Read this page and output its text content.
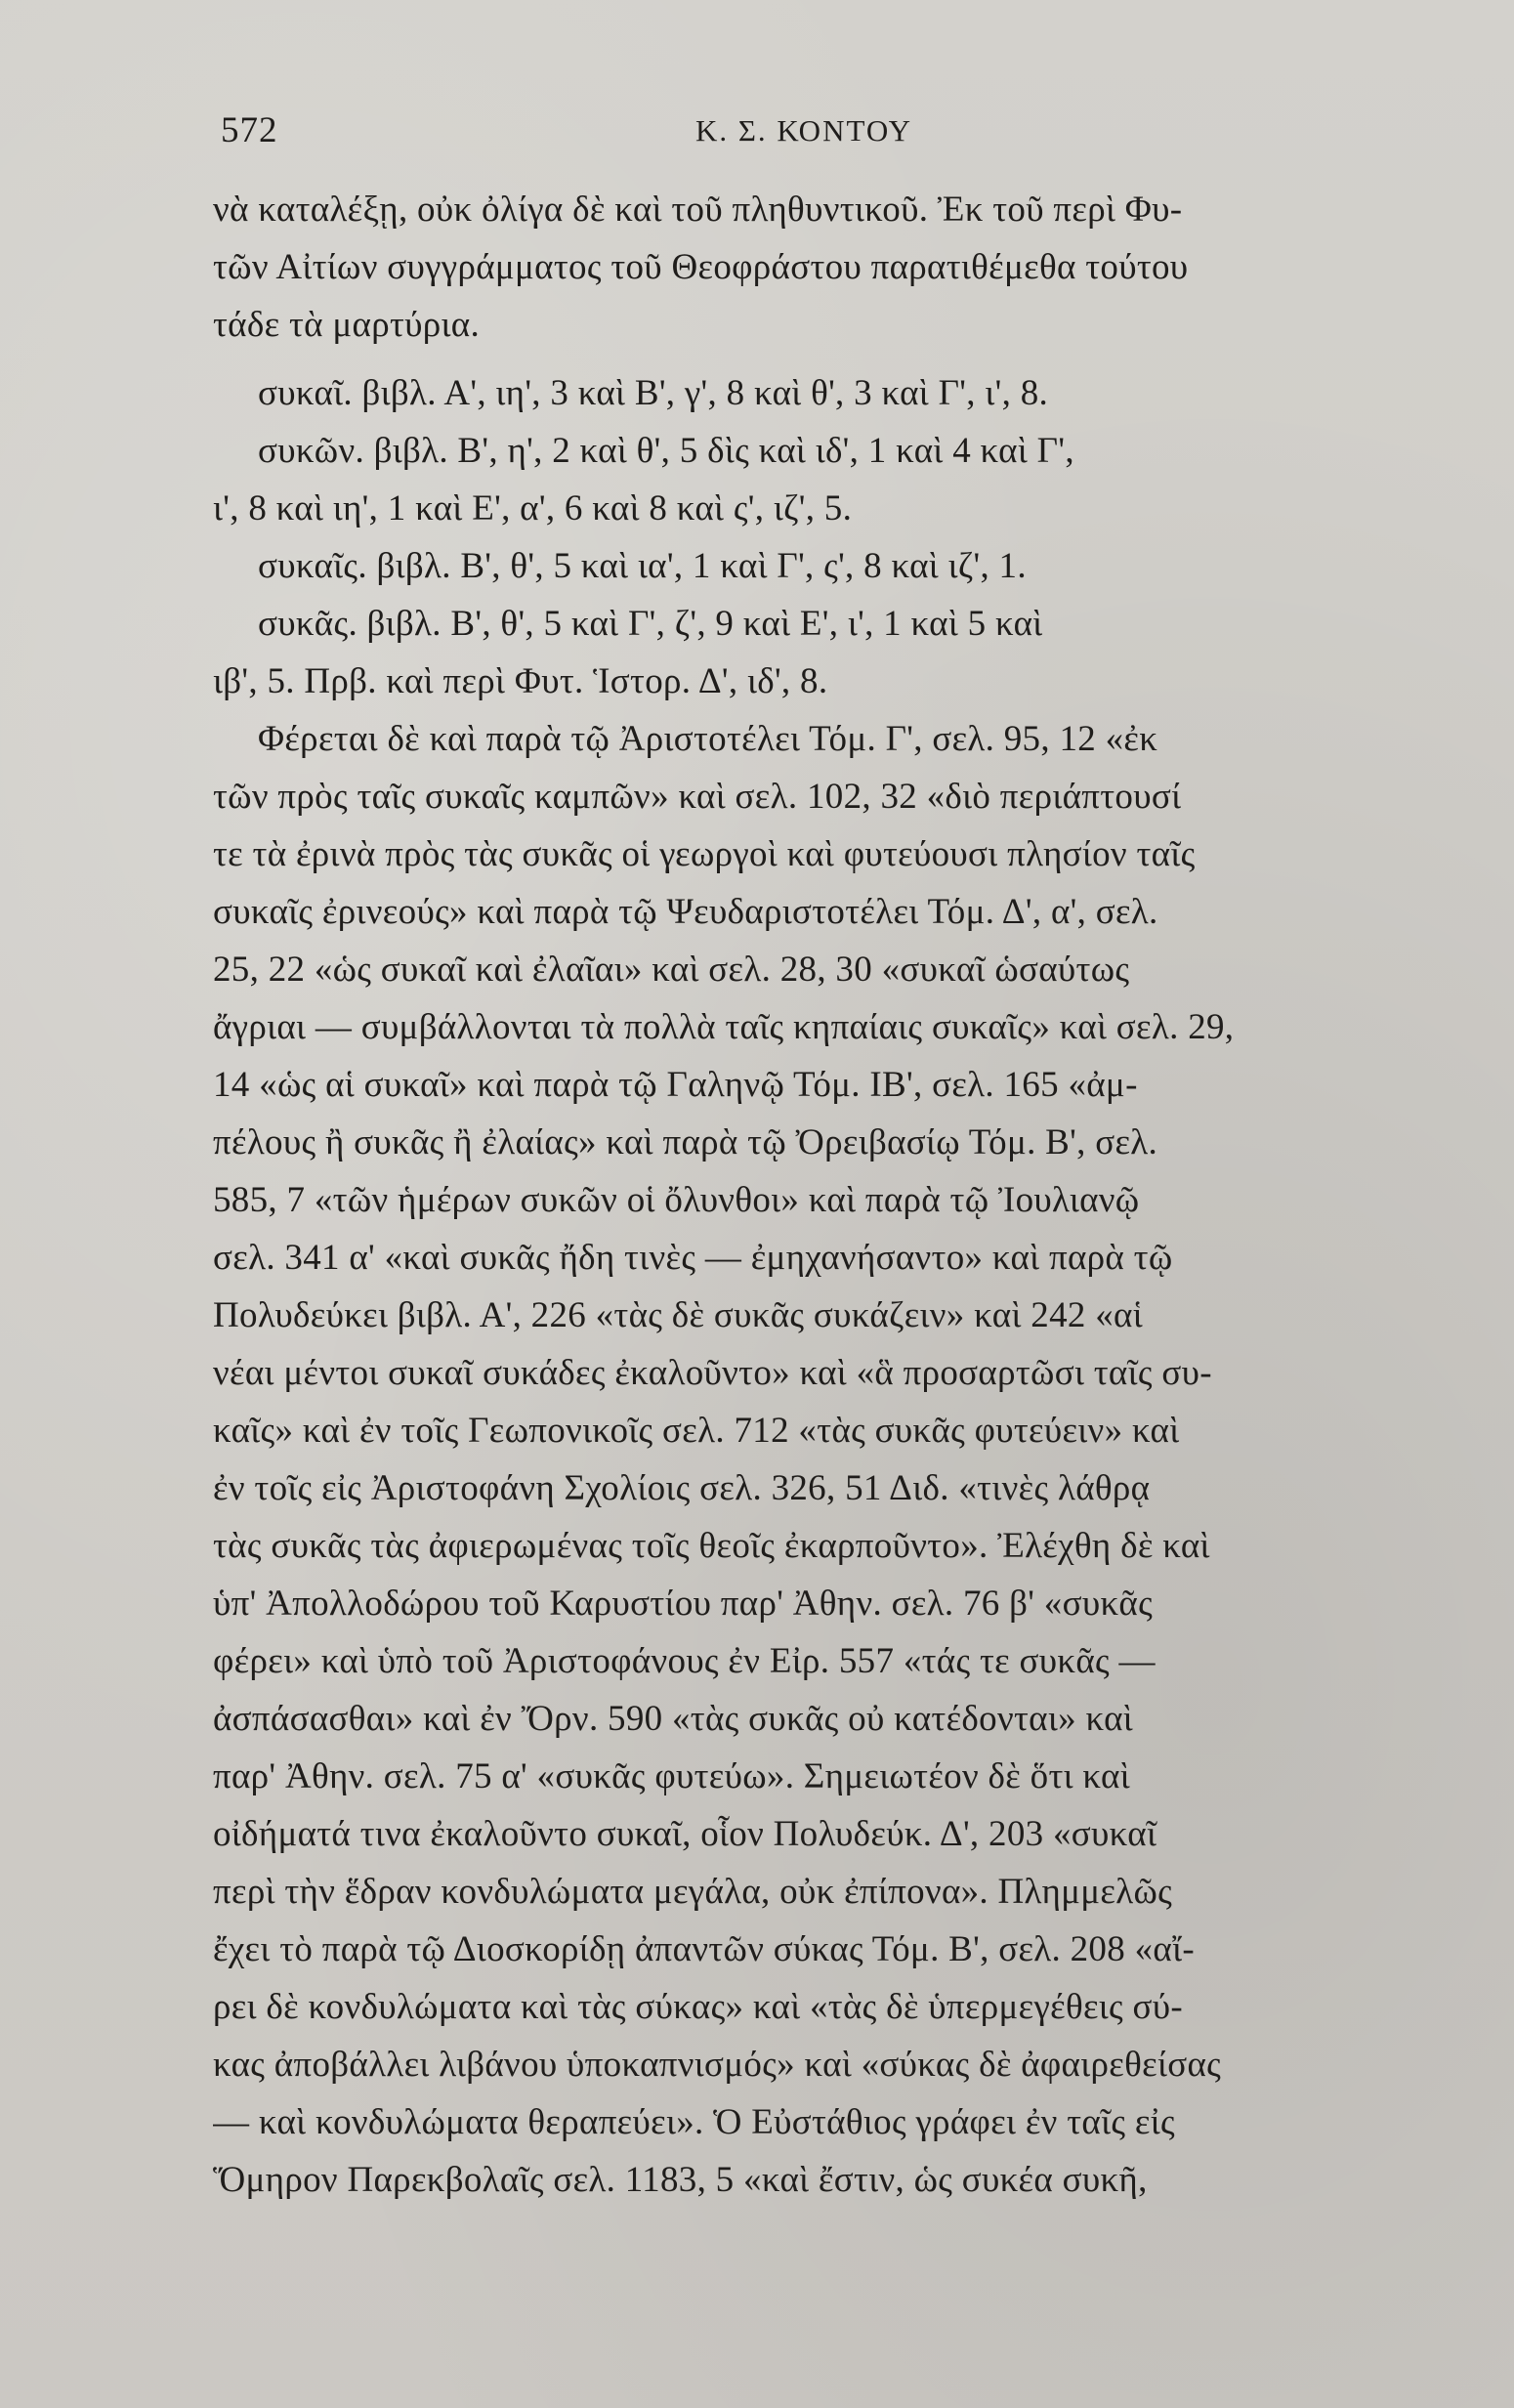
572	Κ. Σ. ΚΟΝΤΟΥ
νὰ καταλέξῃ, οὐκ ὀλίγα δὲ καὶ τοῦ πληθυντικοῦ. Ἐκ τοῦ περὶ Φυ-
τῶν Αἰτίων συγγράμματος τοῦ Θεοφράστου παρατιθέμεθα τούτου
τάδε τὰ μαρτύρια.
συκαῖ. βιβλ. Α', ιη', 3 καὶ Β', γ', 8 καὶ θ', 3 καὶ Γ', ι', 8.
συκῶν. βιβλ. Β', η', 2 καὶ θ', 5 δὶς καὶ ιδ', 1 καὶ 4 καὶ Γ',
ι', 8 καὶ ιη', 1 καὶ Ε', α', 6 καὶ 8 καὶ ς', ιζ', 5.
συκαῖς. βιβλ. Β', θ', 5 καὶ ια', 1 καὶ Γ', ς', 8 καὶ ιζ', 1.
συκᾶς. βιβλ. Β', θ', 5 καὶ Γ', ζ', 9 καὶ Ε', ι', 1 καὶ 5 καὶ
ιβ', 5. Πρβ. καὶ περὶ Φυτ. Ἱστορ. Δ', ιδ', 8.
Φέρεται δὲ καὶ παρὰ τῷ Ἀριστοτέλει Τόμ. Γ', σελ. 95, 12 «ἐκ
τῶν πρὸς ταῖς συκαῖς καμπῶν» καὶ σελ. 102, 32 «διὸ περιάπτουσί
τε τὰ ἐρινὰ πρὸς τὰς συκᾶς οἱ γεωργοὶ καὶ φυτεύουσι πλησίον ταῖς
συκαῖς ἐρινεούς» καὶ παρὰ τῷ Ψευδαριστοτέλει Τόμ. Δ', α', σελ.
25, 22 «ὡς συκαῖ καὶ ἐλαῖαι» καὶ σελ. 28, 30 «συκαῖ ὡσαύτως
ἄγριαι — συμβάλλονται τὰ πολλὰ ταῖς κηπαίαις συκαῖς» καὶ σελ. 29,
14 «ὡς αἱ συκαῖ» καὶ παρὰ τῷ Γαληνῷ Τόμ. ΙΒ', σελ. 165 «ἀμ-
πέλους ἢ συκᾶς ἢ ἐλαίας» καὶ παρὰ τῷ Ὀρειβασίῳ Τόμ. Β', σελ.
585, 7 «τῶν ἡμέρων συκῶν οἱ ὄλυνθοι» καὶ παρὰ τῷ Ἰουλιανῷ
σελ. 341 α' «καὶ συκᾶς ἤδη τινὲς — ἐμηχανήσαντο» καὶ παρὰ τῷ
Πολυδεύκει βιβλ. Α', 226 «τὰς δὲ συκᾶς συκάζειν» καὶ 242 «αἱ
νέαι μέντοι συκαῖ συκάδες ἐκαλοῦντο» καὶ «ἃ προσαρτῶσι ταῖς συ-
καῖς» καὶ ἐν τοῖς Γεωπονικοῖς σελ. 712 «τὰς συκᾶς φυτεύειν» καὶ
ἐν τοῖς εἰς Ἀριστοφάνη Σχολίοις σελ. 326, 51 Διδ. «τινὲς λάθρᾳ
τὰς συκᾶς τὰς ἀφιερωμένας τοῖς θεοῖς ἐκαρποῦντο». Ἐλέχθη δὲ καὶ
ὑπ' Ἀπολλοδώρου τοῦ Καρυστίου παρ' Ἀθην. σελ. 76 β' «συκᾶς
φέρει» καὶ ὑπὸ τοῦ Ἀριστοφάνους ἐν Εἰρ. 557 «τάς τε συκᾶς —
ἀσπάσασθαι» καὶ ἐν Ὄρν. 590 «τὰς συκᾶς οὐ κατέδονται» καὶ
παρ' Ἀθην. σελ. 75 α' «συκᾶς φυτεύω». Σημειωτέον δὲ ὅτι καὶ
οἰδήματά τινα ἐκαλοῦντο συκαῖ, οἷον Πολυδεύκ. Δ', 203 «συκαῖ
περὶ τὴν ἕδραν κονδυλώματα μεγάλα, οὐκ ἐπίπονα». Πλημμελῶς
ἔχει τὸ παρὰ τῷ Διοσκορίδῃ ἀπαντῶν σύκας Τόμ. Β', σελ. 208 «αἴ-
ρει δὲ κονδυλώματα καὶ τὰς σύκας» καὶ «τὰς δὲ ὑπερμεγέθεις σύ-
κας ἀποβάλλει λιβάνου ὑποκαπνισμός» καὶ «σύκας δὲ ἀφαιρεθείσας
— καὶ κονδυλώματα θεραπεύει». Ὁ Εὐστάθιος γράφει ἐν ταῖς εἰς
Ὅμηρον Παρεκβολαῖς σελ. 1183, 5 «καὶ ἔστιν, ὡς συκέα συκῆ,
